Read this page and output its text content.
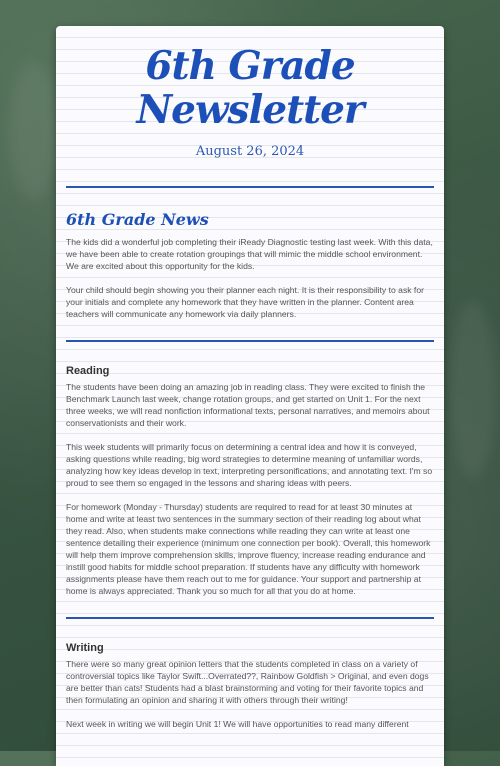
6th Grade
Newsletter
August 26, 2024
6th Grade News

The kids did a wonderful job completing their iReady Diagnostic testing last week. With this data, we have been able to create rotation groupings that will mimic the middle school environment. We are excited about this opportunity for the kids.

Your child should begin showing you their planner each night. It is their responsibility to ask for your initials and complete any homework that they have written in the planner. Content area teachers will communicate any homework via daily planners.

Reading

The students have been doing an amazing job in reading class. They were excited to finish the Benchmark Launch last week, change rotation groups, and get started on Unit 1. For the next three weeks, we will read nonfiction informational texts, personal narratives, and memoirs about conservationists and their work.

This week students will primarily focus on determining a central idea and how it is conveyed, asking questions while reading, big word strategies to determine meaning of unfamiliar words, analyzing how key ideas develop in text, interpreting personifications, and annotating text. I'm so proud to see them so engaged in the lessons and sharing ideas with peers.

For homework (Monday - Thursday) students are required to read for at least 30 minutes at home and write at least two sentences in the summary section of their reading log about what they read. Also, when students make connections while reading they can write at least one sentence detailing their experience (minimum one connection per book). Overall, this homework will help them improve comprehension skills, improve fluency, increase reading endurance and instill good habits for middle school preparation. If students have any difficulty with homework assignments please have them reach out to me for guidance. Your support and partnership at home is always appreciated. Thank you so much for all that you do at home.

Writing

There were so many great opinion letters that the students completed in class on a variety of controversial topics like Taylor Swift...Overrated??, Rainbow Goldfish > Original, and even dogs are better than cats! Students had a blast brainstorming and voting for their favorite topics and then formulating an opinion and sharing it with others through their writing!

Next week in writing we will begin Unit 1! We will have opportunities to read many different
